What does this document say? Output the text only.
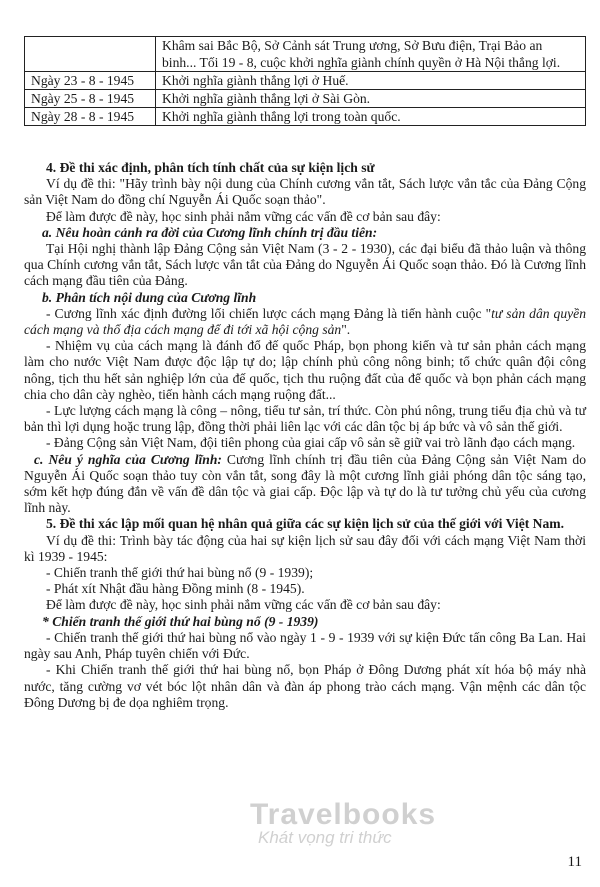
	Khâm sai Bắc Bộ, Sở Cảnh sát Trung ương, Sở Bưu điện, Trại Bảo an binh... Tối 19 - 8, cuộc khởi nghĩa giành chính quyền ở Hà Nội thắng lợi.
Ngày 23 - 8 - 1945	Khởi nghĩa giành thắng lợi ở Huế.
Ngày 25 - 8 - 1945	Khởi nghĩa giành thắng lợi ở Sài Gòn.
Ngày 28 - 8 - 1945	Khởi nghĩa giành thắng lợi trong toàn quốc.

4. Đề thi xác định, phân tích tính chất của sự kiện lịch sử

Ví dụ đề thi: "Hãy trình bày nội dung của Chính cương vắn tắt, Sách lược vắn tắc của Đảng Cộng sản Việt Nam do đồng chí Nguyễn Ái Quốc soạn thảo".

Để làm được đề này, học sinh phải nắm vững các vấn đề cơ bản sau đây:

a. Nêu hoàn cảnh ra đời của Cương lĩnh chính trị đầu tiên:

Tại Hội nghị thành lập Đảng Cộng sản Việt Nam (3 - 2 - 1930), các đại biểu đã thảo luận và thông qua Chính cương vắn tắt, Sách lược vắn tắt của Đảng do Nguyễn Ái Quốc soạn thảo. Đó là Cương lĩnh cách mạng đầu tiên của Đảng.

b. Phân tích nội dung của Cương lĩnh

- Cương lĩnh xác định đường lối chiến lược cách mạng Đảng là tiến hành cuộc "tư sản dân quyền cách mạng và thổ địa cách mạng để đi tới xã hội cộng sản".

- Nhiệm vụ của cách mạng là đánh đổ đế quốc Pháp, bọn phong kiến và tư sản phản cách mạng làm cho nước Việt Nam được độc lập tự do; lập chính phủ công nông binh; tổ chức quân đội công nông, tịch thu hết sản nghiệp lớn của đế quốc, tịch thu ruộng đất của đế quốc và bọn phản cách mạng chia cho dân cày nghèo, tiến hành cách mạng ruộng đất...

- Lực lượng cách mạng là công – nông, tiểu tư sản, trí thức. Còn phú nông, trung tiểu địa chủ và tư bản thì lợi dụng hoặc trung lập, đồng thời phải liên lạc với các dân tộc bị áp bức và vô sản thế giới.

- Đảng Cộng sản Việt Nam, đội tiên phong của giai cấp vô sản sẽ giữ vai trò lãnh đạo cách mạng.

c. Nêu ý nghĩa của Cương lĩnh: Cương lĩnh chính trị đầu tiên của Đảng Cộng sản Việt Nam do Nguyễn Ái Quốc soạn thảo tuy còn vắn tắt, song đây là một cương lĩnh giải phóng dân tộc sáng tạo, sớm kết hợp đúng đắn về vấn đề dân tộc và giai cấp. Độc lập và tự do là tư tưởng chủ yếu của cương lĩnh này.

5. Đề thi xác lập mối quan hệ nhân quả giữa các sự kiện lịch sử của thế giới với Việt Nam.

Ví dụ đề thi: Trình bày tác động của hai sự kiện lịch sử sau đây đối với cách mạng Việt Nam thời kì 1939 - 1945:

- Chiến tranh thế giới thứ hai bùng nổ (9 - 1939);

- Phát xít Nhật đầu hàng Đồng minh (8 - 1945).

Để làm được đề này, học sinh phải nắm vững các vấn đề cơ bản sau đây:

* Chiến tranh thế giới thứ hai bùng nổ (9 - 1939)

- Chiến tranh thế giới thứ hai bùng nổ vào ngày 1 - 9 - 1939 với sự kiện Đức tấn công Ba Lan. Hai ngày sau Anh, Pháp tuyên chiến với Đức.

- Khi Chiến tranh thế giới thứ hai bùng nổ, bọn Pháp ở Đông Dương phát xít hóa bộ máy nhà nước, tăng cường vơ vét bóc lột nhân dân và đàn áp phong trào cách mạng. Vận mệnh các dân tộc Đông Dương bị đe dọa nghiêm trọng.

Travelbooks
Khát vọng tri thức
11
